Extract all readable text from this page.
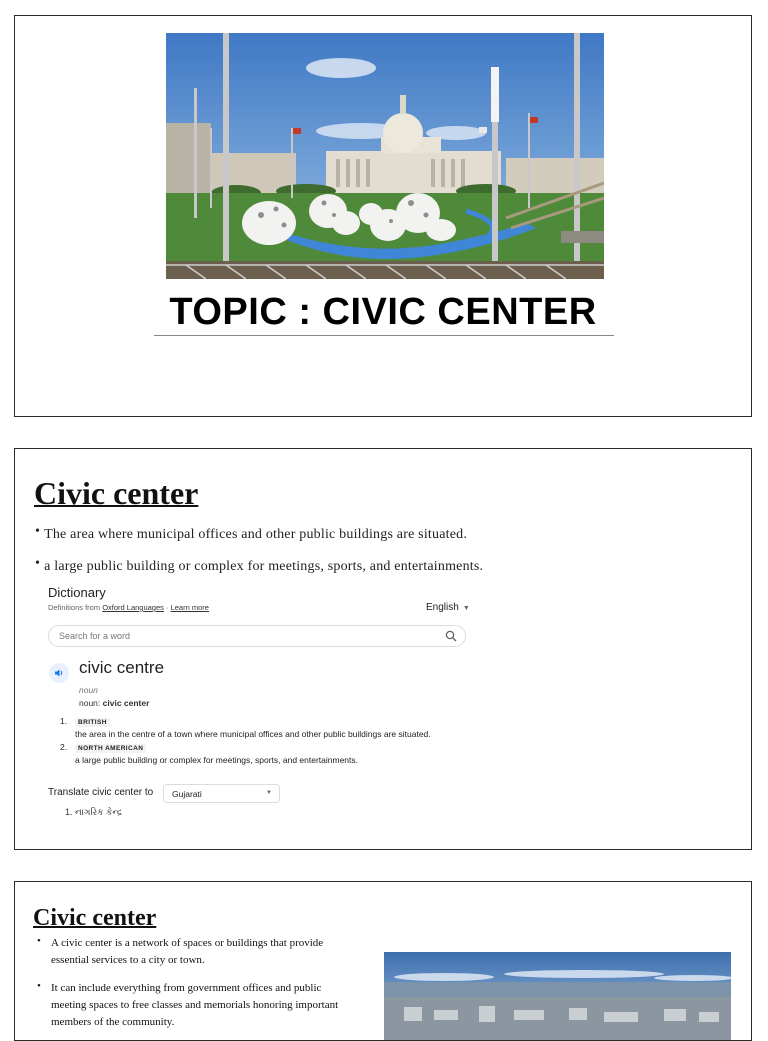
TOPIC : CIVIC CENTER
Civic center
• The area where municipal offices and other public buildings are situated.
• a large public building or complex for meetings, sports, and entertainments.
Dictionary
Definitions from Oxford Languages · Learn more	English ▼
Search for a word
civic centre
noun
noun: civic center
1. BRITISH
the area in the centre of a town where municipal offices and other public buildings are situated.
2. NORTH AMERICAN
a large public building or complex for meetings, sports, and entertainments.
Translate civic center to Gujarati	▼
1. નાગરિક કેન્દ્ર
Civic center
• A civic center is a network of spaces or buildings that provide essential services to a city or town.
• It can include everything from government offices and public meeting spaces to free classes and memorials honoring important members of the community.
